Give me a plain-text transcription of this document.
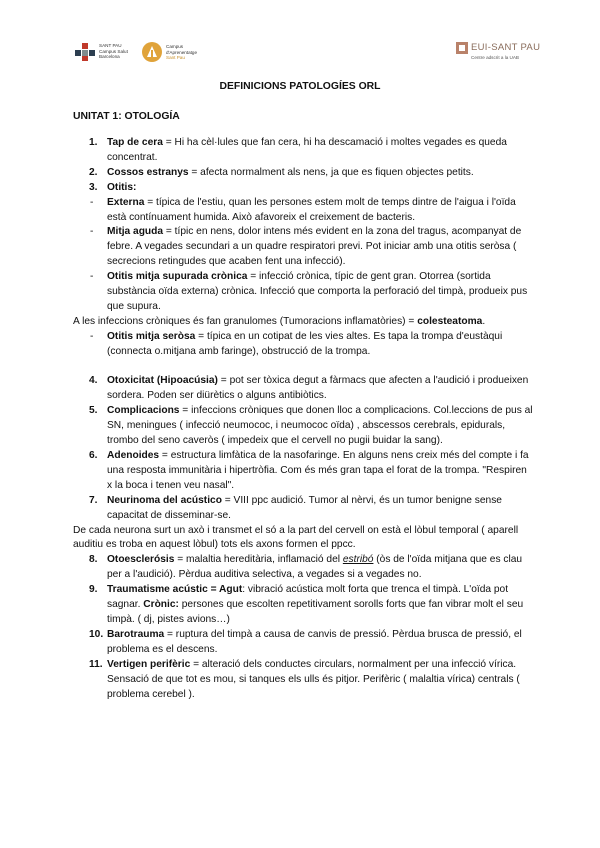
SANT PAU
Campus Salut
Barcelona
Campus
d'Aprenentatge
Sant Pau
EUI-SANT PAU
Centre adscrit a la UAB
DEFINICIONS PATOLOGÍES ORL
UNITAT 1: OTOLOGÍA
1. Tap de cera = Hi ha cèl·lules que fan cera, hi ha descamació i moltes vegades es queda concentrat.
2. Cossos estranys = afecta normalment als nens, ja que es fiquen objectes petits.
3. Otitis:
- Externa = típica de l'estiu, quan les persones estem molt de temps dintre de l'aigua i l'oïda està contínuament humida. Això afavoreix el creixement de bacteris.
- Mitja aguda = típic en nens, dolor intens més evident en la zona del tragus, acompanyat de febre. A vegades secundari a un quadre respiratori previ. Pot iniciar amb una otitis seròsa ( secrecions retingudes que acaben fent una infecció).
- Otitis mitja supurada crònica = infecció crònica, típic de gent gran. Otorrea (sortida substància oïda externa) crònica. Infecció que comporta la perforació del timpà, produeix pus que supura.
A les infeccions cròniques és fan granulomes (Tumoracions inflamatòries) = colesteatoma.
- Otitis mitja seròsa = típica en un cotipat de les vies altes. Es tapa la trompa d'eustàqui (connecta o.mitjana amb faringe), obstrucció de la trompa.
4. Otoxicitat (Hipoacúsia) = pot ser tòxica degut a fàrmacs que afecten a l'audició i produeixen sordera. Poden ser diürètics o alguns antibiòtics.
5. Complicacions = infeccions cròniques que donen lloc a complicacions. Col.leccions de pus al SN, meningues ( infecció neumococ, i neumococ oïda) , abscessos cerebrals, epidurals, trombo del seno caveròs ( impedeix que el cervell no pugii buidar la sang).
6. Adenoides = estructura limfàtica de la nasofaringe. En alguns nens creix més del compte i fa una resposta immunitària i hipertròfia. Com és més gran tapa el forat de la trompa. "Respiren x la boca i tenen veu nasal".
7. Neurinoma del acústico = VIII ppc audició. Tumor al nèrvi, és un tumor benigne sense capacitat de disseminar-se.
De cada neurona surt un axò i transmet el só a la part del cervell on està el lòbul temporal ( aparell auditiu es troba en aquest lòbul) tots els axons formen el ppcc.
8. Otoesclerósis = malaltia hereditària, inflamació del estribó (òs de l'oïda mitjana que es clau per a l'audició). Pèrdua auditiva selectiva, a vegades si a vegades no.
9. Traumatisme acústic = Agut: vibració acústica molt forta que trenca el timpà. L'oïda pot sagnar. Crònic: persones que escolten repetitivament sorolls forts que fan vibrar molt el seu timpà. ( dj, pistes avions…)
10. Barotrauma = ruptura del timpà a causa de canvis de pressió. Pèrdua brusca de pressió, el problema es el descens.
11. Vertigen perifèric = alteració dels conductes circulars, normalment per una infecció vírica. Sensació de que tot es mou, si tanques els ulls és pitjor. Perifèric ( malaltia vírica) centrals ( problema cerebel ).
